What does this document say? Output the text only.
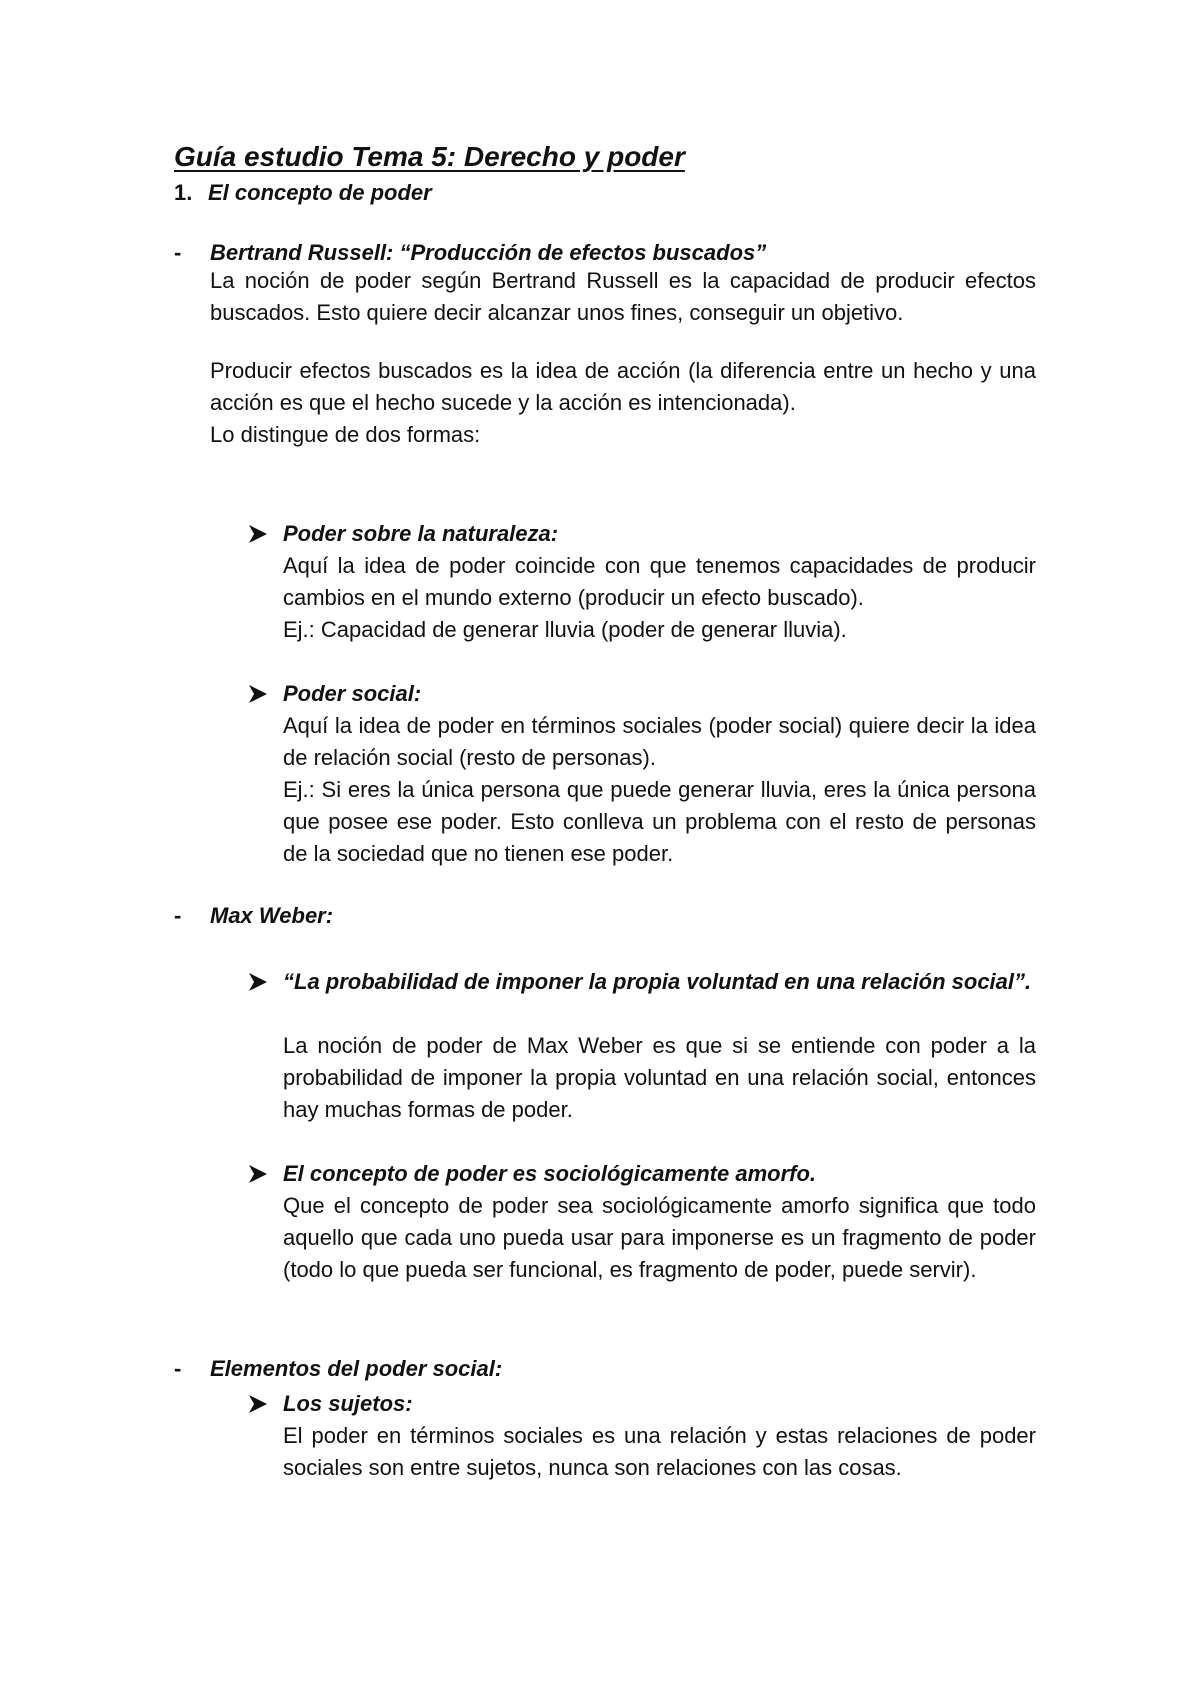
Guía estudio Tema 5: Derecho y poder
1. El concepto de poder
- Bertrand Russell: “Producción de efectos buscados”

La noción de poder según Bertrand Russell es la capacidad de producir efectos buscados. Esto quiere decir alcanzar unos fines, conseguir un objetivo.

Producir efectos buscados es la idea de acción (la diferencia entre un hecho y una acción es que el hecho sucede y la acción es intencionada).

Lo distingue de dos formas:

Poder sobre la naturaleza:

Aquí la idea de poder coincide con que tenemos capacidades de producir cambios en el mundo externo (producir un efecto buscado).

Ej.: Capacidad de generar lluvia (poder de generar lluvia).

Poder social:

Aquí la idea de poder en términos sociales (poder social) quiere decir la idea de relación social (resto de personas).

Ej.: Si eres la única persona que puede generar lluvia, eres la única persona que posee ese poder. Esto conlleva un problema con el resto de personas de la sociedad que no tienen ese poder.

- Max Weber:
“La probabilidad de imponer la propia voluntad en una relación social”.

La noción de poder de Max Weber es que si se entiende con poder a la probabilidad de imponer la propia voluntad en una relación social, entonces hay muchas formas de poder.

El concepto de poder es sociológicamente amorfo.

Que el concepto de poder sea sociológicamente amorfo significa que todo aquello que cada uno pueda usar para imponerse es un fragmento de poder (todo lo que pueda ser funcional, es fragmento de poder, puede servir).

- Elementos del poder social:
Los sujetos:

El poder en términos sociales es una relación y estas relaciones de poder sociales son entre sujetos, nunca son relaciones con las cosas.
